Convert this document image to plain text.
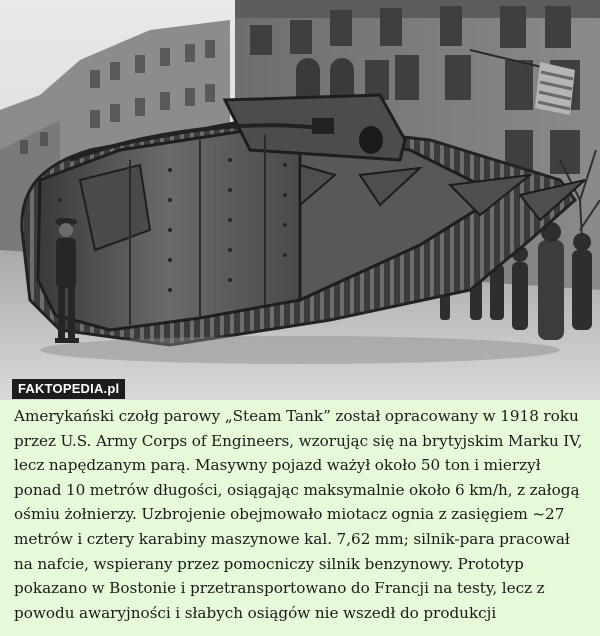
FAKTOPEDIA.pl

Amerykański czołg parowy „Steam Tank” został opracowany w 1918 roku przez U.S. Army Corps of Engineers, wzorując się na brytyjskim Marku IV, lecz napędzanym parą. Masywny pojazd ważył około 50 ton i mierzył ponad 10 metrów długości, osiągając maksymalnie około 6 km/h, z załogą ośmiu żołnierzy. Uzbrojenie obejmowało miotacz ognia z zasięgiem ~27 metrów i cztery karabiny maszynowe kal. 7,62 mm; silnik-para pracował na nafcie, wspierany przez pomocniczy silnik benzynowy. Prototyp pokazano w Bostonie i przetransportowano do Francji na testy, lecz z powodu awaryjności i słabych osiągów nie wszedł do produkcji
